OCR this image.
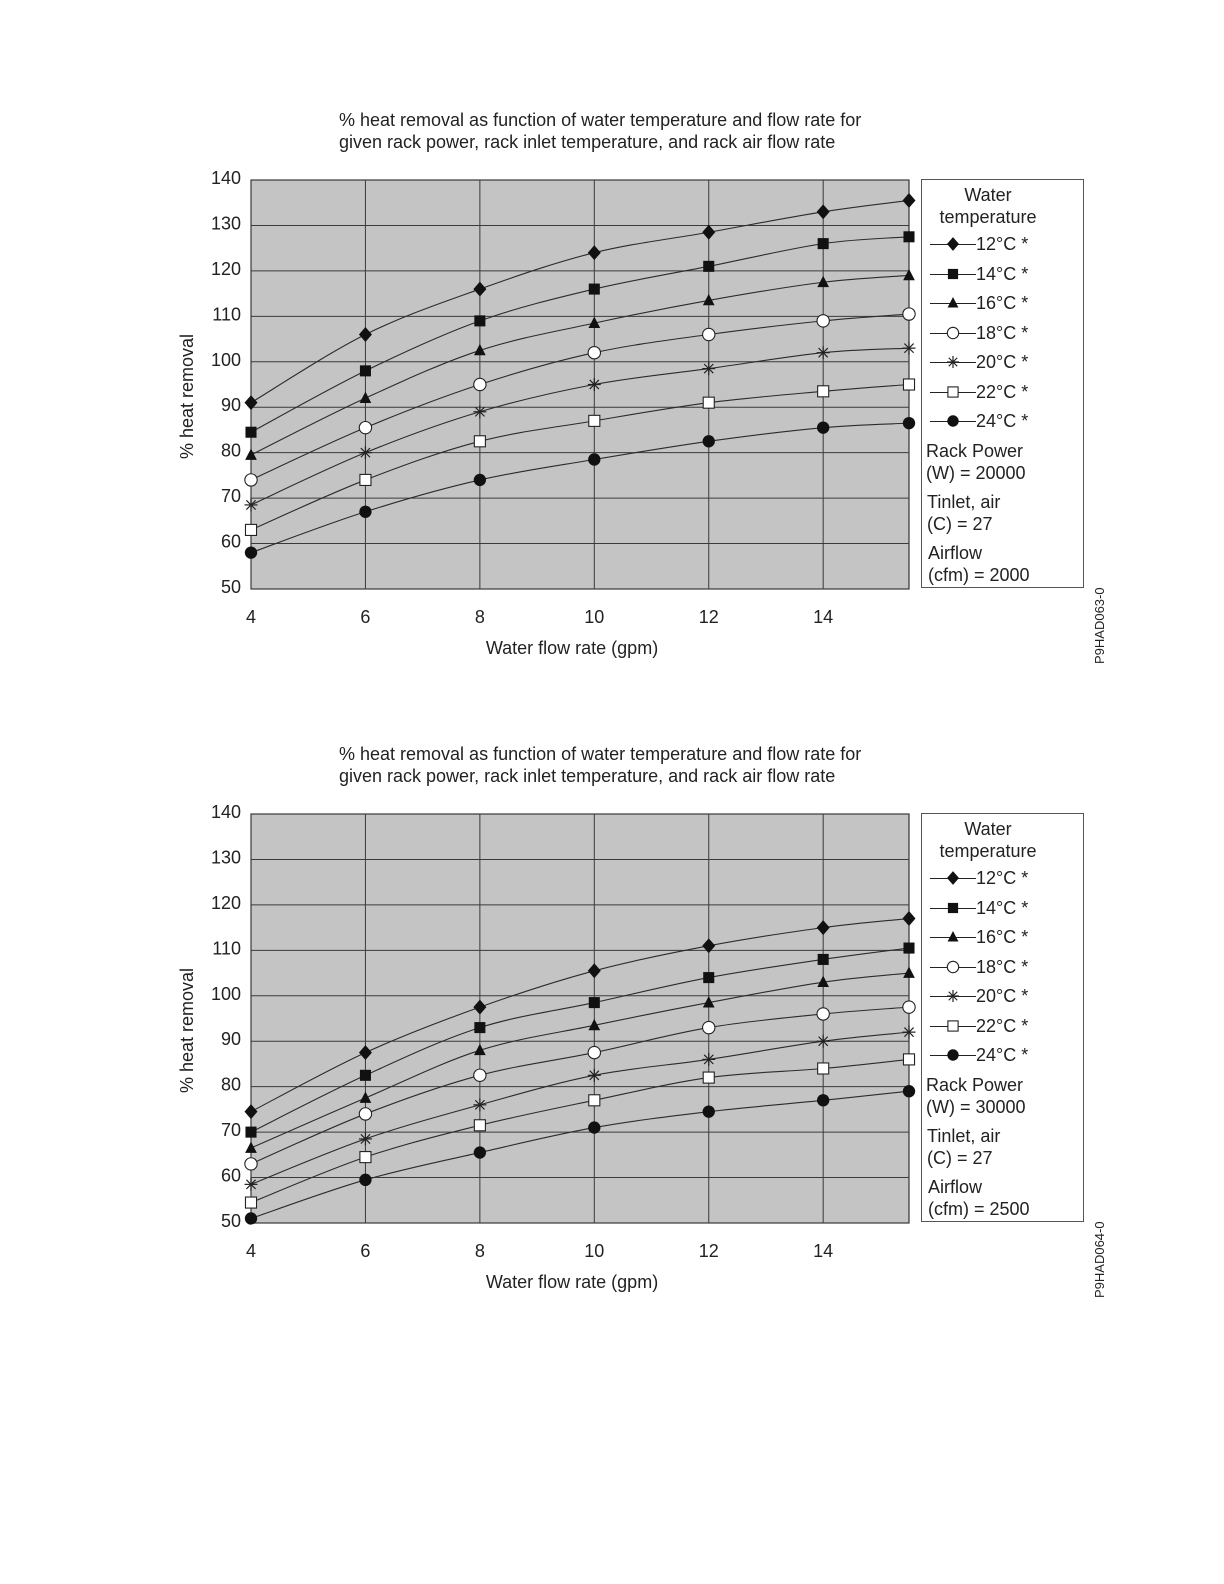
% heat removal as function of water temperature and flow rate for
given rack power, rack inlet temperature, and rack air flow rate
4	6	8	10	12	14
50
60
70
80
90
100
110
120
130
140
Water flow rate (gpm)
% heat removal
Water
temperature
12°C *
14°C *
16°C *
18°C *
20°C *
22°C *
24°C *
Rack Power
(W) = 20000
Tinlet, air
(C) = 27
Airflow
(cfm) = 2000
P9HAD063-0
% heat removal as function of water temperature and flow rate for
given rack power, rack inlet temperature, and rack air flow rate
4	6	8	10	12	14
50
60
70
80
90
100
110
120
130
140
Water flow rate (gpm)
% heat removal
Water
temperature
12°C *
14°C *
16°C *
18°C *
20°C *
22°C *
24°C *
Rack Power
(W) = 30000
Tinlet, air
(C) = 27
Airflow
(cfm) = 2500
P9HAD064-0
